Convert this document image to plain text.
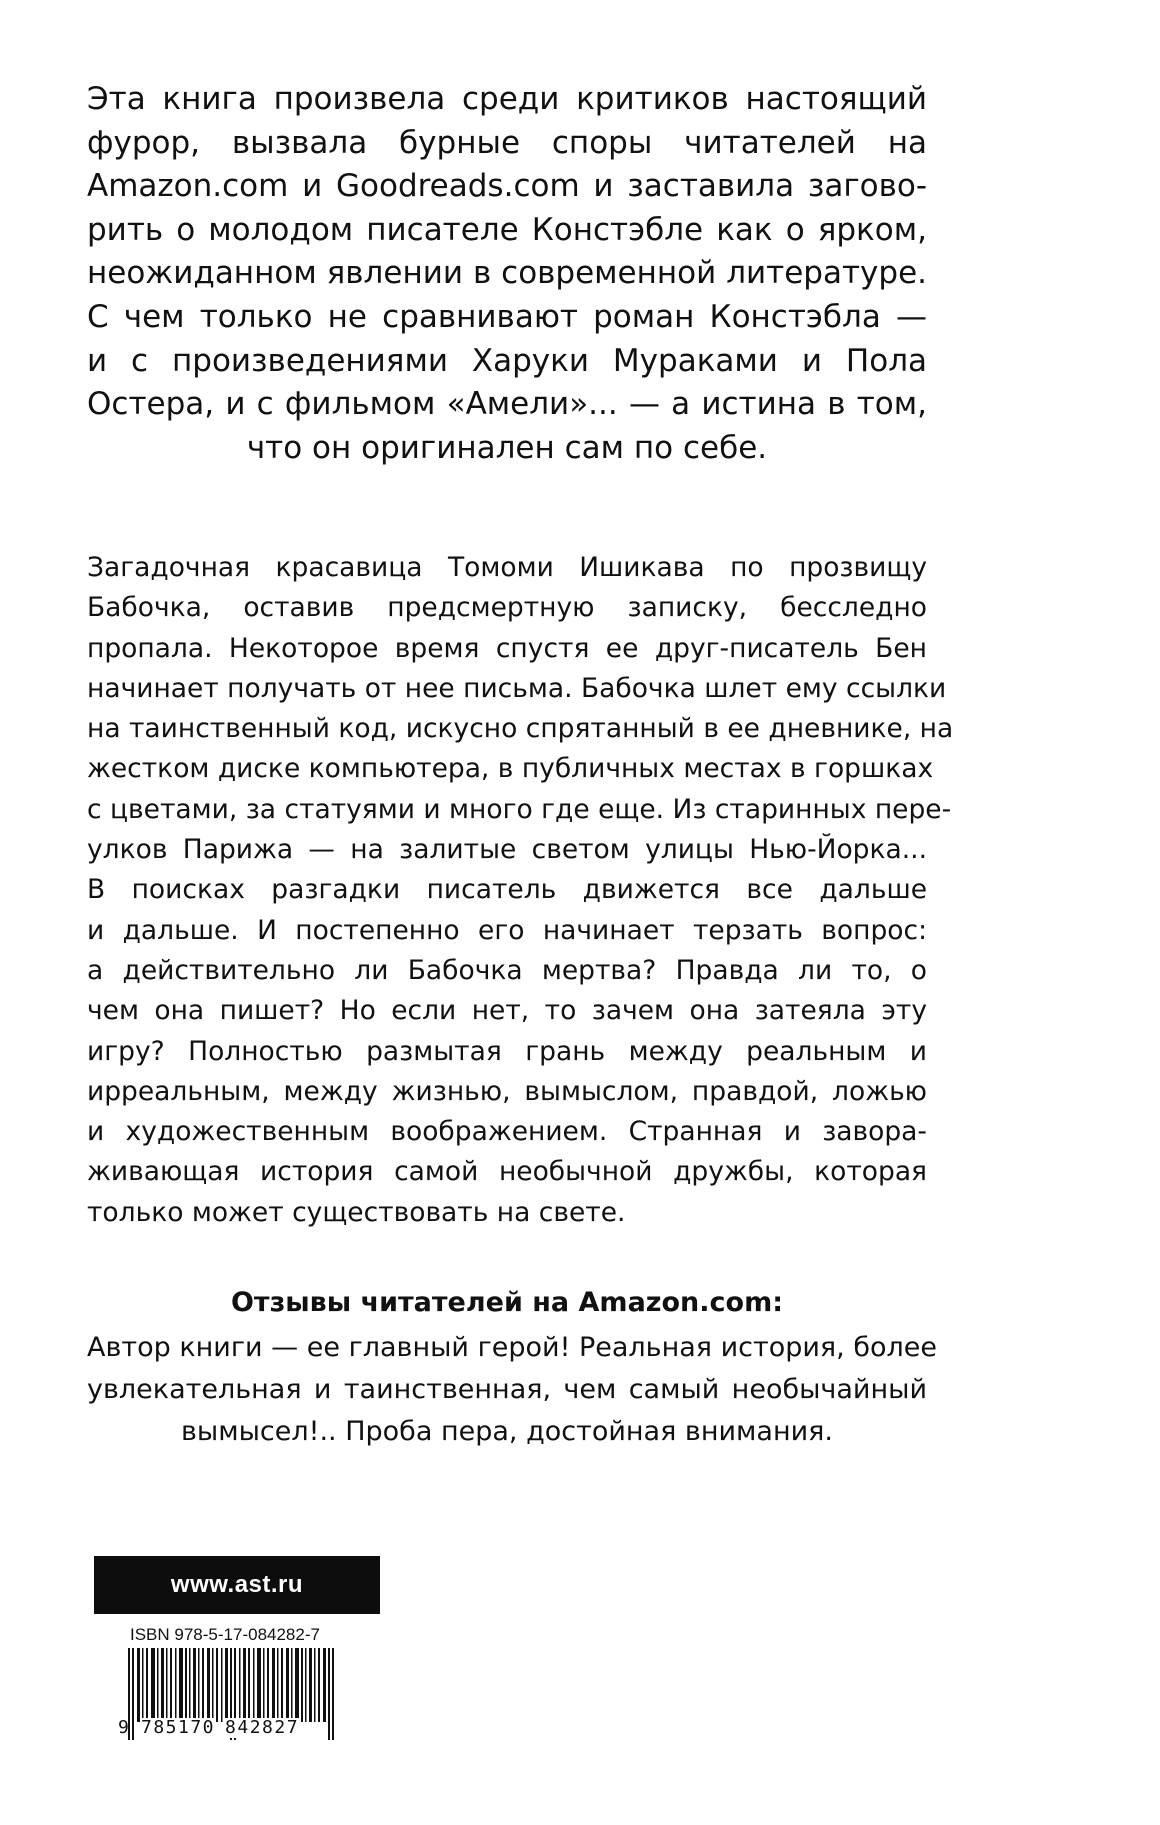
Эта книга произвела среди критиков настоящий
фурор, вызвала бурные споры читателей на
Amazon.com и Goodreads.com и заставила загово-
рить о молодом писателе Констэбле как о ярком,
неожиданном явлении в современной литературе.
С чем только не сравнивают роман Констэбла —
и с произведениями Харуки Мураками и Пола
Остера, и с фильмом «Амели»... — а истина в том,
что он оригинален сам по себе.
Загадочная красавица Томоми Ишикава по прозвищу
Бабочка, оставив предсмертную записку, бесследно
пропала. Некоторое время спустя ее друг-писатель Бен
начинает получать от нее письма. Бабочка шлет ему ссылки
на таинственный код, искусно спрятанный в ее дневнике, на
жестком диске компьютера, в публичных местах в горшках
с цветами, за статуями и много где еще. Из старинных пере-
улков Парижа — на залитые светом улицы Нью-Йорка...
В поисках разгадки писатель движется все дальше
и дальше. И постепенно его начинает терзать вопрос:
а действительно ли Бабочка мертва? Правда ли то, о
чем она пишет? Но если нет, то зачем она затеяла эту
игру? Полностью размытая грань между реальным и
ирреальным, между жизнью, вымыслом, правдой, ложью
и художественным воображением. Странная и завора-
живающая история самой необычной дружбы, которая
только может существовать на свете.
Отзывы читателей на Amazon.com:
Автор книги — ее главный герой! Реальная история, более
увлекательная и таинственная, чем самый необычайный
вымысел!.. Проба пера, достойная внимания.
www.ast.ru
ISBN 978-5-17-084282-7
9 785170 842827
